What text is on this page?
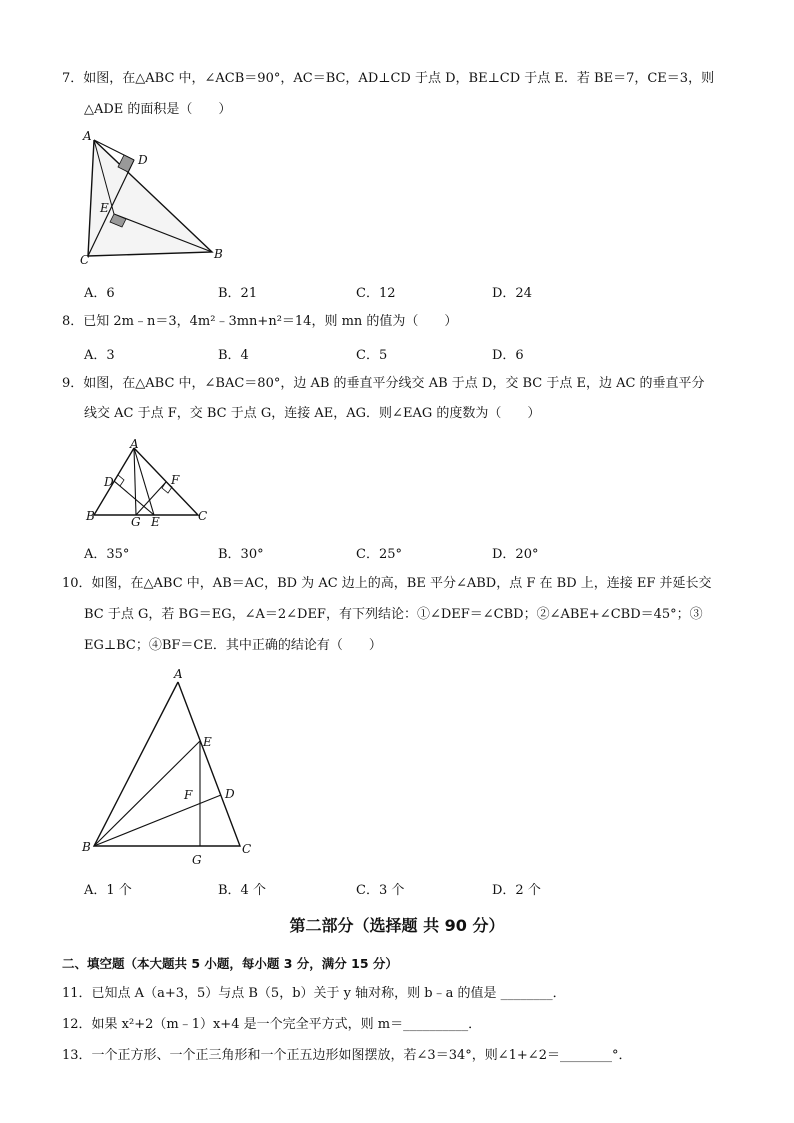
7．如图，在△ABC 中，∠ACB＝90°，AC＝BC，AD⊥CD 于点 D，BE⊥CD 于点 E．若 BE＝7，CE＝3，则
△ADE 的面积是（　　）
A
D
E
C	B
A．6	B．21	C．12	D．24
8．已知 2m﹣n＝3，4m²﹣3mn+n²＝14，则 mn 的值为（　　）
A．3	B．4	C．5	D．6
9．如图，在△ABC 中，∠BAC＝80°，边 AB 的垂直平分线交 AB 于点 D，交 BC 于点 E，边 AC 的垂直平分
线交 AC 于点 F，交 BC 于点 G，连接 AE，AG．则∠EAG 的度数为（　　）
A
D	F
B	G E	C
A．35°	B．30°	C．25°	D．20°
10．如图，在△ABC 中，AB＝AC，BD 为 AC 边上的高，BE 平分∠ABD，点 F 在 BD 上，连接 EF 并延长交
BC 于点 G，若 BG＝EG，∠A＝2∠DEF，有下列结论：①∠DEF＝∠CBD；②∠ABE+∠CBD＝45°；③
EG⊥BC；④BF＝CE．其中正确的结论有（　　）
A
E
F	D
B
G
C
A．1 个	B．4 个	C．3 个	D．2 个
第二部分（选择题 共 90 分）
二、填空题（本大题共 5 小题，每小题 3 分，满分 15 分）
11．已知点 A（a+3，5）与点 B（5，b）关于 y 轴对称，则 b﹣a 的值是 ________．
12．如果 x²+2（m﹣1）x+4 是一个完全平方式，则 m＝__________．
13．一个正方形、一个正三角形和一个正五边形如图摆放，若∠3＝34°，则∠1+∠2＝________°．
